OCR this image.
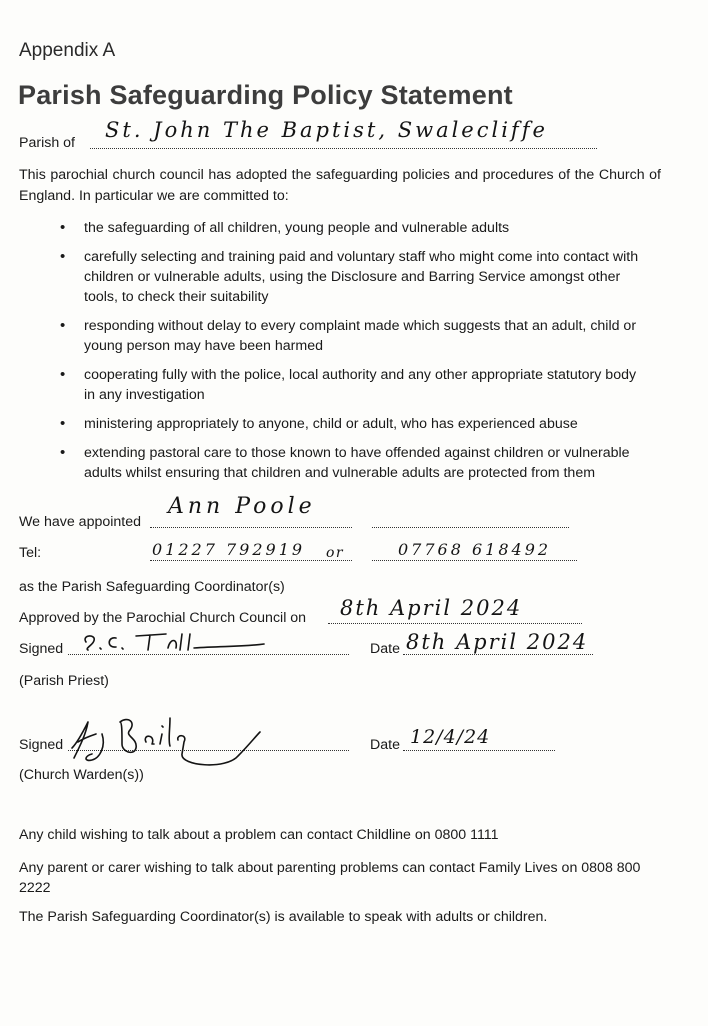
Appendix A
Parish Safeguarding Policy Statement
Parish of
St. John The Baptist, Swalecliffe
This parochial church council has adopted the safeguarding policies and procedures of the Church of England. In particular we are committed to:
• the safeguarding of all children, young people and vulnerable adults
• carefully selecting and training paid and voluntary staff who might come into contact with children or vulnerable adults, using the Disclosure and Barring Service amongst other tools, to check their suitability
• responding without delay to every complaint made which suggests that an adult, child or young person may have been harmed
• cooperating fully with the police, local authority and any other appropriate statutory body in any investigation
• ministering appropriately to anyone, child or adult, who has experienced abuse
• extending pastoral care to those known to have offended against children or vulnerable adults whilst ensuring that children and vulnerable adults are protected from them
We have appointed
Ann Poole
Tel:	01227 792919 or	07768 618492
as the Parish Safeguarding Coordinator(s)
Approved by the Parochial Church Council on 8th April 2024
Signed	Date 8th April 2024
(Parish Priest)
Signed	Date 12/4/24
(Church Warden(s))
Any child wishing to talk about a problem can contact Childline on 0800 1111
Any parent or carer wishing to talk about parenting problems can contact Family Lives on 0808 800 2222
The Parish Safeguarding Coordinator(s) is available to speak with adults or children.
